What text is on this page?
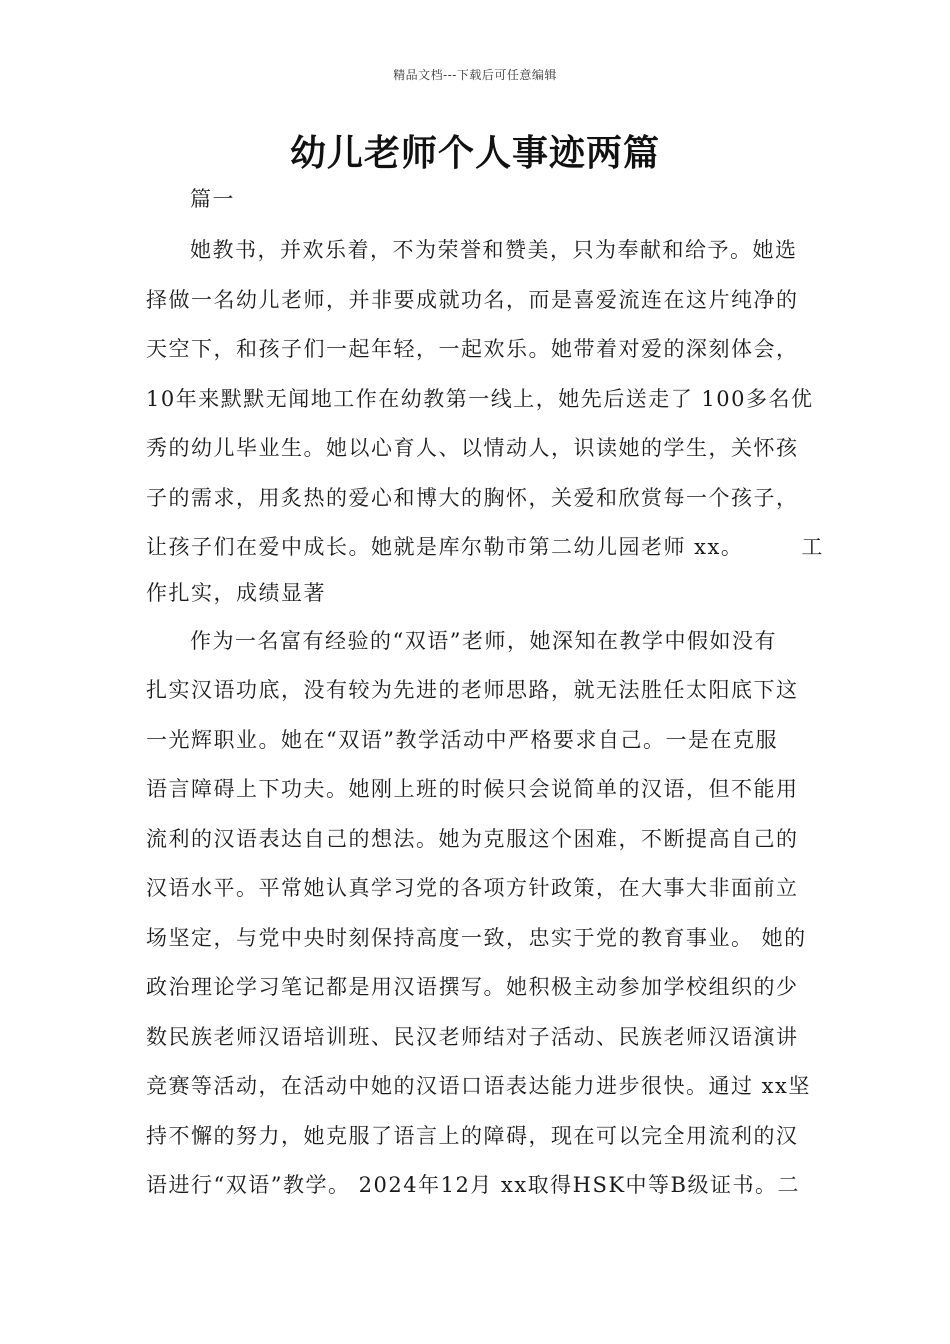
精品文档---下载后可任意编辑
幼儿老师个人事迹两篇
篇一
她教书，并欢乐着，不为荣誉和赞美，只为奉献和给予。她选
择做一名幼儿老师，并非要成就功名，而是喜爱流连在这片纯净的
天空下，和孩子们一起年轻，一起欢乐。她带着对爱的深刻体会，
10年来默默无闻地工作在幼教第一线上，她先后送走了 100多名优
秀的幼儿毕业生。她以心育人、以情动人，识读她的学生，关怀孩
子的需求，用炙热的爱心和博大的胸怀，关爱和欣赏每一个孩子，
让孩子们在爱中成长。她就是库尔勒市第二幼儿园老师 xx。	工
作扎实，成绩显著
作为一名富有经验的“双语”老师，她深知在教学中假如没有
扎实汉语功底，没有较为先进的老师思路，就无法胜任太阳底下这
一光辉职业。她在“双语”教学活动中严格要求自己。一是在克服
语言障碍上下功夫。她刚上班的时候只会说简单的汉语，但不能用
流利的汉语表达自己的想法。她为克服这个困难，不断提高自己的
汉语水平。平常她认真学习党的各项方针政策，在大事大非面前立
场坚定，与党中央时刻保持高度一致，忠实于党的教育事业。 她的
政治理论学习笔记都是用汉语撰写。她积极主动参加学校组织的少
数民族老师汉语培训班、民汉老师结对子活动、民族老师汉语演讲
竞赛等活动，在活动中她的汉语口语表达能力进步很快。通过 xx坚
持不懈的努力，她克服了语言上的障碍，现在可以完全用流利的汉
语进行“双语”教学。 2024年12月 xx取得HSK中等B级证书。二
